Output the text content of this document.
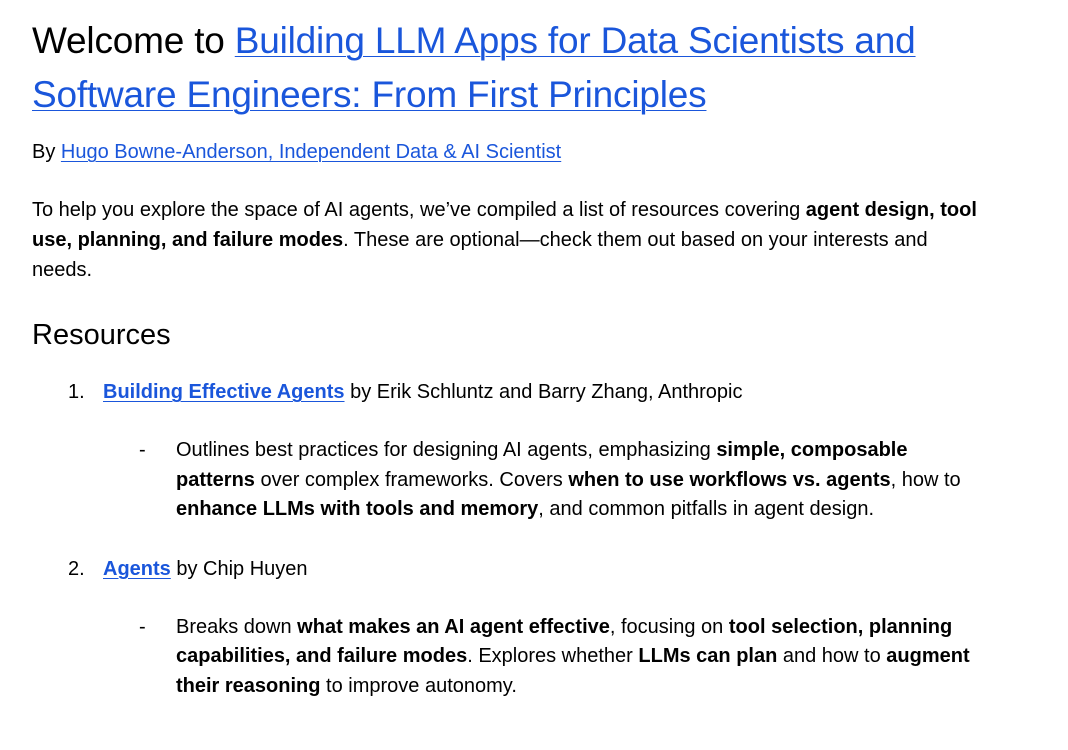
Welcome to Building LLM Apps for Data Scientists and Software Engineers: From First Principles
By Hugo Bowne-Anderson, Independent Data & AI Scientist

To help you explore the space of AI agents, we’ve compiled a list of resources covering agent design, tool use, planning, and failure modes. These are optional—check them out based on your interests and needs.

Resources
1. Building Effective Agents by Erik Schluntz and Barry Zhang, Anthropic
- Outlines best practices for designing AI agents, emphasizing simple, composable patterns over complex frameworks. Covers when to use workflows vs. agents, how to enhance LLMs with tools and memory, and common pitfalls in agent design.
2. Agents by Chip Huyen
- Breaks down what makes an AI agent effective, focusing on tool selection, planning capabilities, and failure modes. Explores whether LLMs can plan and how to augment their reasoning to improve autonomy.
